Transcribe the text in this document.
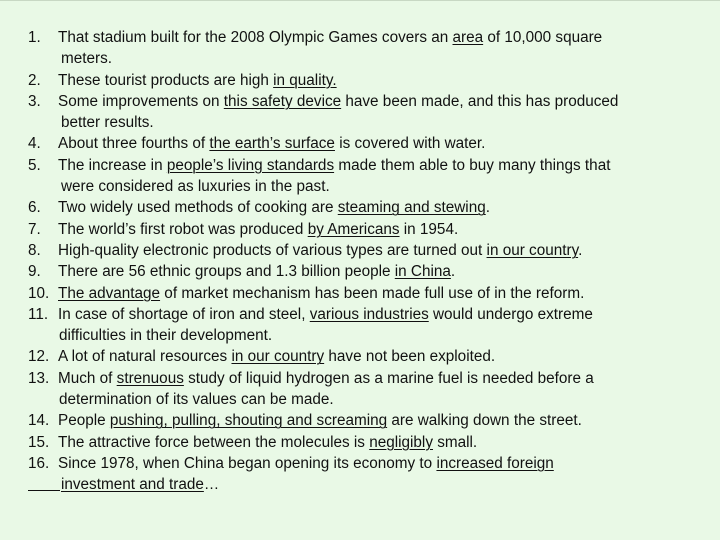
1. That stadium built for the 2008 Olympic Games covers an area of 10,000 square
meters.

2. These tourist products are high in quality.

3. Some improvements on this safety device have been made, and this has produced
better results.

4. About three fourths of the earth’s surface is covered with water.

5. The increase in people’s living standards made them able to buy many things that
were considered as luxuries in the past.

6. Two widely used methods of cooking are steaming and stewing.

7. The world’s first robot was produced by Americans in 1954.

8. High-quality electronic products of various types are turned out in our country.

9. There are 56 ethnic groups and 1.3 billion people in China.

10. The advantage of market mechanism has been made full use of in the reform.

11. In case of shortage of iron and steel, various industries would undergo extreme
difficulties in their development.

12. A lot of natural resources in our country have not been exploited.

13. Much of strenuous study of liquid hydrogen as a marine fuel is needed before a
determination of its values can be made.

14. People pushing, pulling, shouting and screaming are walking down the street.

15. The attractive force between the molecules is negligibly small.

16. Since 1978, when China began opening its economy to increased foreign
investment and trade…
